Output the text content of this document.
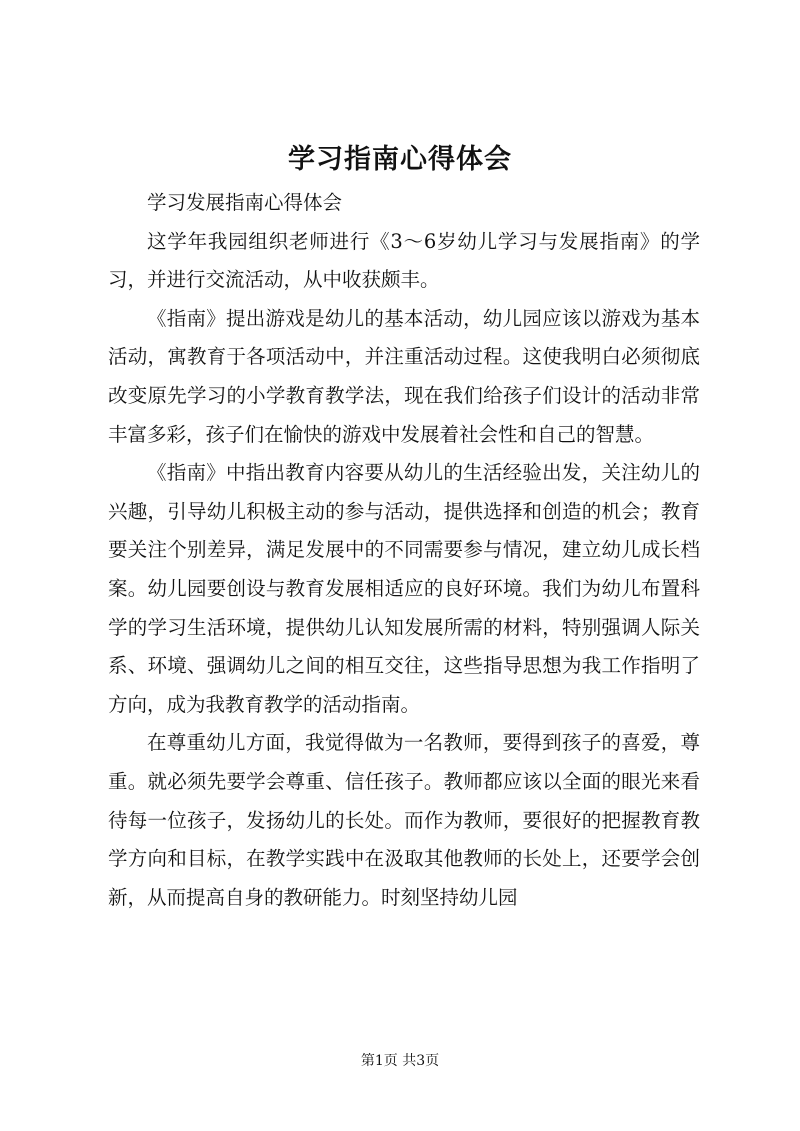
学习指南心得体会

学习发展指南心得体会

这学年我园组织老师进行《3～6岁幼儿学习与发展指南》的学习，并进行交流活动，从中收获颇丰。

《指南》提出游戏是幼儿的基本活动，幼儿园应该以游戏为基本活动，寓教育于各项活动中，并注重活动过程。这使我明白必须彻底改变原先学习的小学教育教学法，现在我们给孩子们设计的活动非常丰富多彩，孩子们在愉快的游戏中发展着社会性和自己的智慧。

《指南》中指出教育内容要从幼儿的生活经验出发，关注幼儿的兴趣，引导幼儿积极主动的参与活动，提供选择和创造的机会；教育要关注个别差异，满足发展中的不同需要参与情况，建立幼儿成长档案。幼儿园要创设与教育发展相适应的良好环境。我们为幼儿布置科学的学习生活环境，提供幼儿认知发展所需的材料，特别强调人际关系、环境、强调幼儿之间的相互交往，这些指导思想为我工作指明了方向，成为我教育教学的活动指南。

在尊重幼儿方面，我觉得做为一名教师，要得到孩子的喜爱，尊重。就必须先要学会尊重、信任孩子。教师都应该以全面的眼光来看待每一位孩子，发扬幼儿的长处。而作为教师，要很好的把握教育教学方向和目标，在教学实践中在汲取其他教师的长处上，还要学会创新，从而提高自身的教研能力。时刻坚持幼儿园

第1页 共3页
